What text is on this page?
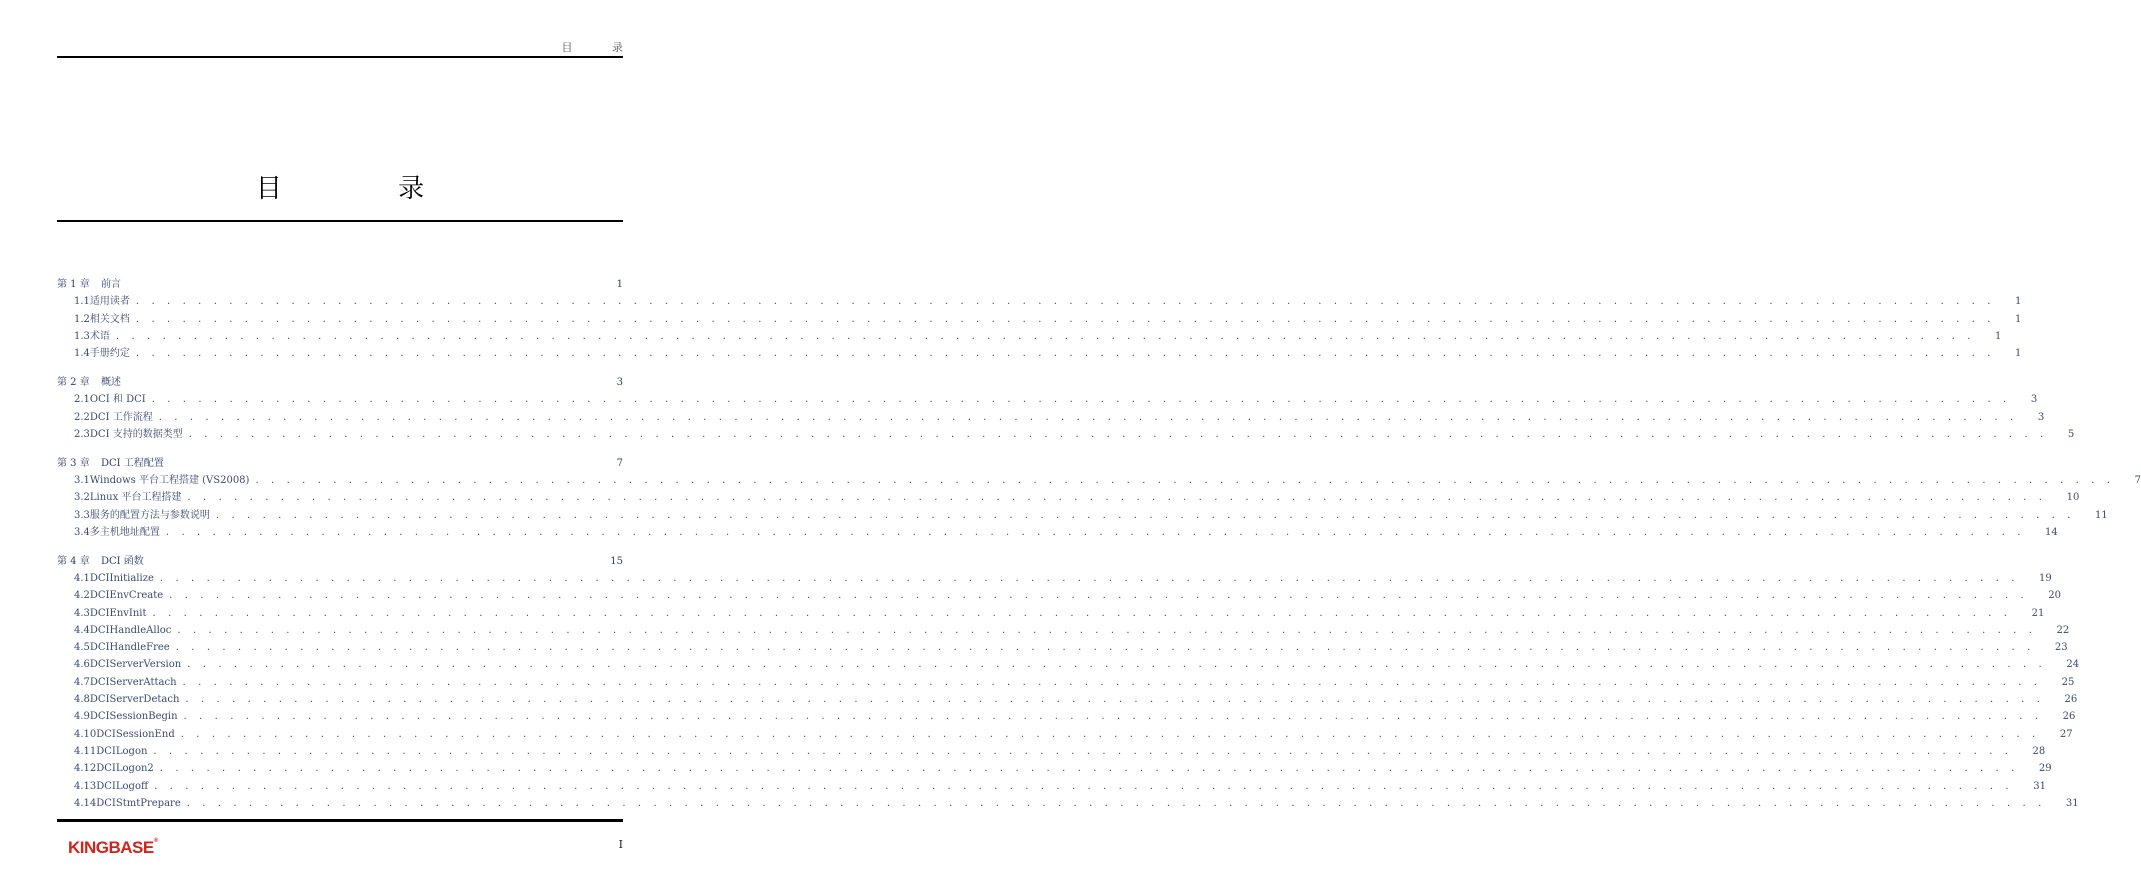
目 录
目 录
第 1 章	前言	1
1.1 适用读者 . . . . . . . . . . . . . . . . . . . . . . . . . . . . . . . . . . . . . . . . . . . . . . . . . . . . . . . . . . . . . . . . . . . . . . . . . . . . . . . . . . . . . . . . . . . . . . . . . . . . . . . . . . . . . . . . . . . . . . . . 1
1.2 相关文档 . . . . . . . . . . . . . . . . . . . . . . . . . . . . . . . . . . . . . . . . . . . . . . . . . . . . . . . . . . . . . . . . . . . . . . . . . . . . . . . . . . . . . . . . . . . . . . . . . . . . . . . . . . . . . . . . . . . . . . . . 1
1.3 术语 . . . . . . . . . . . . . . . . . . . . . . . . . . . . . . . . . . . . . . . . . . . . . . . . . . . . . . . . . . . . . . . . . . . . . . . . . . . . . . . . . . . . . . . . . . . . . . . . . . . . . . . . . . . . . . . . . . . . . . . . 1
1.4 手册约定 . . . . . . . . . . . . . . . . . . . . . . . . . . . . . . . . . . . . . . . . . . . . . . . . . . . . . . . . . . . . . . . . . . . . . . . . . . . . . . . . . . . . . . . . . . . . . . . . . . . . . . . . . . . . . . . . . . . . . . . . 1
第 2 章	概述	3
2.1 OCI 和 DCI . . . . . . . . . . . . . . . . . . . . . . . . . . . . . . . . . . . . . . . . . . . . . . . . . . . . . . . . . . . . . . . . . . . . . . . . . . . . . . . . . . . . . . . . . . . . . . . . . . . . . . . . . . . . . . . . . . . . . . . . 3
2.2 DCI 工作流程 . . . . . . . . . . . . . . . . . . . . . . . . . . . . . . . . . . . . . . . . . . . . . . . . . . . . . . . . . . . . . . . . . . . . . . . . . . . . . . . . . . . . . . . . . . . . . . . . . . . . . . . . . . . . . . . . . . . . . . . . 3
2.3 DCI 支持的数据类型 . . . . . . . . . . . . . . . . . . . . . . . . . . . . . . . . . . . . . . . . . . . . . . . . . . . . . . . . . . . . . . . . . . . . . . . . . . . . . . . . . . . . . . . . . . . . . . . . . . . . . . . . . . . . . . . . . . . . . . . . 5
第 3 章	DCI 工程配置	7
3.1 Windows 平台工程搭建 (VS2008) . . . . . . . . . . . . . . . . . . . . . . . . . . . . . . . . . . . . . . . . . . . . . . . . . . . . . . . . . . . . . . . . . . . . . . . . . . . . . . . . . . . . . . . . . . . . . . . . . . . . . . . . . . . . . . . . . . . . . . . . 7
3.2 Linux 平台工程搭建 . . . . . . . . . . . . . . . . . . . . . . . . . . . . . . . . . . . . . . . . . . . . . . . . . . . . . . . . . . . . . . . . . . . . . . . . . . . . . . . . . . . . . . . . . . . . . . . . . . . . . . . . . . . . . . . . . . . . . . . . 10
3.3 服务的配置方法与参数说明 . . . . . . . . . . . . . . . . . . . . . . . . . . . . . . . . . . . . . . . . . . . . . . . . . . . . . . . . . . . . . . . . . . . . . . . . . . . . . . . . . . . . . . . . . . . . . . . . . . . . . . . . . . . . . . . . . . . . . . . . 11
3.4 多主机地址配置 . . . . . . . . . . . . . . . . . . . . . . . . . . . . . . . . . . . . . . . . . . . . . . . . . . . . . . . . . . . . . . . . . . . . . . . . . . . . . . . . . . . . . . . . . . . . . . . . . . . . . . . . . . . . . . . . . . . . . . . . 14
第 4 章	DCI 函数	15
4.1 DCIInitialize . . . . . . . . . . . . . . . . . . . . . . . . . . . . . . . . . . . . . . . . . . . . . . . . . . . . . . . . . . . . . . . . . . . . . . . . . . . . . . . . . . . . . . . . . . . . . . . . . . . . . . . . . . . . . . . . . . . . . . . . 19
4.2 DCIEnvCreate . . . . . . . . . . . . . . . . . . . . . . . . . . . . . . . . . . . . . . . . . . . . . . . . . . . . . . . . . . . . . . . . . . . . . . . . . . . . . . . . . . . . . . . . . . . . . . . . . . . . . . . . . . . . . . . . . . . . . . . . 20
4.3 DCIEnvInit . . . . . . . . . . . . . . . . . . . . . . . . . . . . . . . . . . . . . . . . . . . . . . . . . . . . . . . . . . . . . . . . . . . . . . . . . . . . . . . . . . . . . . . . . . . . . . . . . . . . . . . . . . . . . . . . . . . . . . . . 21
4.4 DCIHandleAlloc . . . . . . . . . . . . . . . . . . . . . . . . . . . . . . . . . . . . . . . . . . . . . . . . . . . . . . . . . . . . . . . . . . . . . . . . . . . . . . . . . . . . . . . . . . . . . . . . . . . . . . . . . . . . . . . . . . . . . . . . 22
4.5 DCIHandleFree . . . . . . . . . . . . . . . . . . . . . . . . . . . . . . . . . . . . . . . . . . . . . . . . . . . . . . . . . . . . . . . . . . . . . . . . . . . . . . . . . . . . . . . . . . . . . . . . . . . . . . . . . . . . . . . . . . . . . . . . 23
4.6 DCIServerVersion . . . . . . . . . . . . . . . . . . . . . . . . . . . . . . . . . . . . . . . . . . . . . . . . . . . . . . . . . . . . . . . . . . . . . . . . . . . . . . . . . . . . . . . . . . . . . . . . . . . . . . . . . . . . . . . . . . . . . . . . 24
4.7 DCIServerAttach . . . . . . . . . . . . . . . . . . . . . . . . . . . . . . . . . . . . . . . . . . . . . . . . . . . . . . . . . . . . . . . . . . . . . . . . . . . . . . . . . . . . . . . . . . . . . . . . . . . . . . . . . . . . . . . . . . . . . . . . 25
4.8 DCIServerDetach . . . . . . . . . . . . . . . . . . . . . . . . . . . . . . . . . . . . . . . . . . . . . . . . . . . . . . . . . . . . . . . . . . . . . . . . . . . . . . . . . . . . . . . . . . . . . . . . . . . . . . . . . . . . . . . . . . . . . . . . 26
4.9 DCISessionBegin . . . . . . . . . . . . . . . . . . . . . . . . . . . . . . . . . . . . . . . . . . . . . . . . . . . . . . . . . . . . . . . . . . . . . . . . . . . . . . . . . . . . . . . . . . . . . . . . . . . . . . . . . . . . . . . . . . . . . . . . 26
4.10 DCISessionEnd . . . . . . . . . . . . . . . . . . . . . . . . . . . . . . . . . . . . . . . . . . . . . . . . . . . . . . . . . . . . . . . . . . . . . . . . . . . . . . . . . . . . . . . . . . . . . . . . . . . . . . . . . . . . . . . . . . . . . . . . 27
4.11 DCILogon . . . . . . . . . . . . . . . . . . . . . . . . . . . . . . . . . . . . . . . . . . . . . . . . . . . . . . . . . . . . . . . . . . . . . . . . . . . . . . . . . . . . . . . . . . . . . . . . . . . . . . . . . . . . . . . . . . . . . . . . 28
4.12 DCILogon2 . . . . . . . . . . . . . . . . . . . . . . . . . . . . . . . . . . . . . . . . . . . . . . . . . . . . . . . . . . . . . . . . . . . . . . . . . . . . . . . . . . . . . . . . . . . . . . . . . . . . . . . . . . . . . . . . . . . . . . . . 29
4.13 DCILogoff . . . . . . . . . . . . . . . . . . . . . . . . . . . . . . . . . . . . . . . . . . . . . . . . . . . . . . . . . . . . . . . . . . . . . . . . . . . . . . . . . . . . . . . . . . . . . . . . . . . . . . . . . . . . . . . . . . . . . . . . 31
4.14 DCIStmtPrepare . . . . . . . . . . . . . . . . . . . . . . . . . . . . . . . . . . . . . . . . . . . . . . . . . . . . . . . . . . . . . . . . . . . . . . . . . . . . . . . . . . . . . . . . . . . . . . . . . . . . . . . . . . . . . . . . . . . . . . . . 31
KINGBASE®	I
